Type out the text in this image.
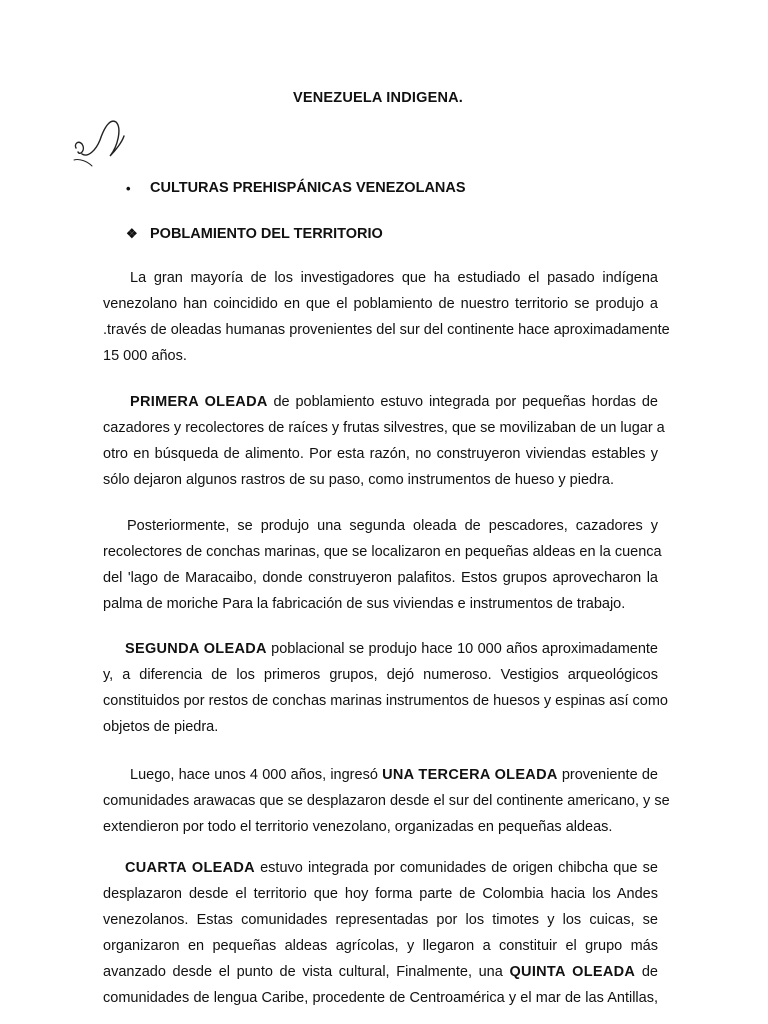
VENEZUELA INDIGENA.
•	CULTURAS PREHISPÁNICAS VENEZOLANAS
❖ POBLAMIENTO DEL TERRITORIO
La gran mayoría de los investigadores que ha estudiado el pasado indígena
venezolano han coincidido en que el poblamiento de nuestro territorio se produjo a
.través de oleadas humanas provenientes del sur del continente hace aproximadamente
15 000 años.
PRIMERA OLEADA de poblamiento estuvo integrada por pequeñas hordas de
cazadores y recolectores de raíces y frutas silvestres, que se movilizaban de un lugar a
otro en búsqueda de alimento. Por esta razón, no construyeron viviendas estables y
sólo dejaron algunos rastros de su paso, como instrumentos de hueso y piedra.
Posteriormente, se produjo una segunda oleada de pescadores, cazadores y
recolectores de conchas marinas, que se localizaron en pequeñas aldeas en la cuenca
del 'lago de Maracaibo, donde construyeron palafitos. Estos grupos aprovecharon la
palma de moriche Para la fabricación de sus viviendas e instrumentos de trabajo.
SEGUNDA OLEADA poblacional se produjo hace 10 000 años aproximadamente
y, a diferencia de los primeros grupos, dejó numeroso. Vestigios arqueológicos
constituidos por restos de conchas marinas instrumentos de huesos y espinas así como
objetos de piedra.
Luego, hace unos 4 000 años, ingresó UNA TERCERA OLEADA proveniente de
comunidades arawacas que se desplazaron desde el sur del continente americano, y se
extendieron por todo el territorio venezolano, organizadas en pequeñas aldeas.
CUARTA OLEADA estuvo integrada por comunidades de origen chibcha que se
desplazaron desde el territorio que hoy forma parte de Colombia hacia los Andes
venezolanos. Estas comunidades representadas por los timotes y los cuicas, se
organizaron en pequeñas aldeas agrícolas, y llegaron a constituir el grupo más
avanzado desde el punto de vista cultural, Finalmente, una QUINTA OLEADA de
comunidades de lengua Caribe, procedente de Centroamérica y el mar de las Antillas,
